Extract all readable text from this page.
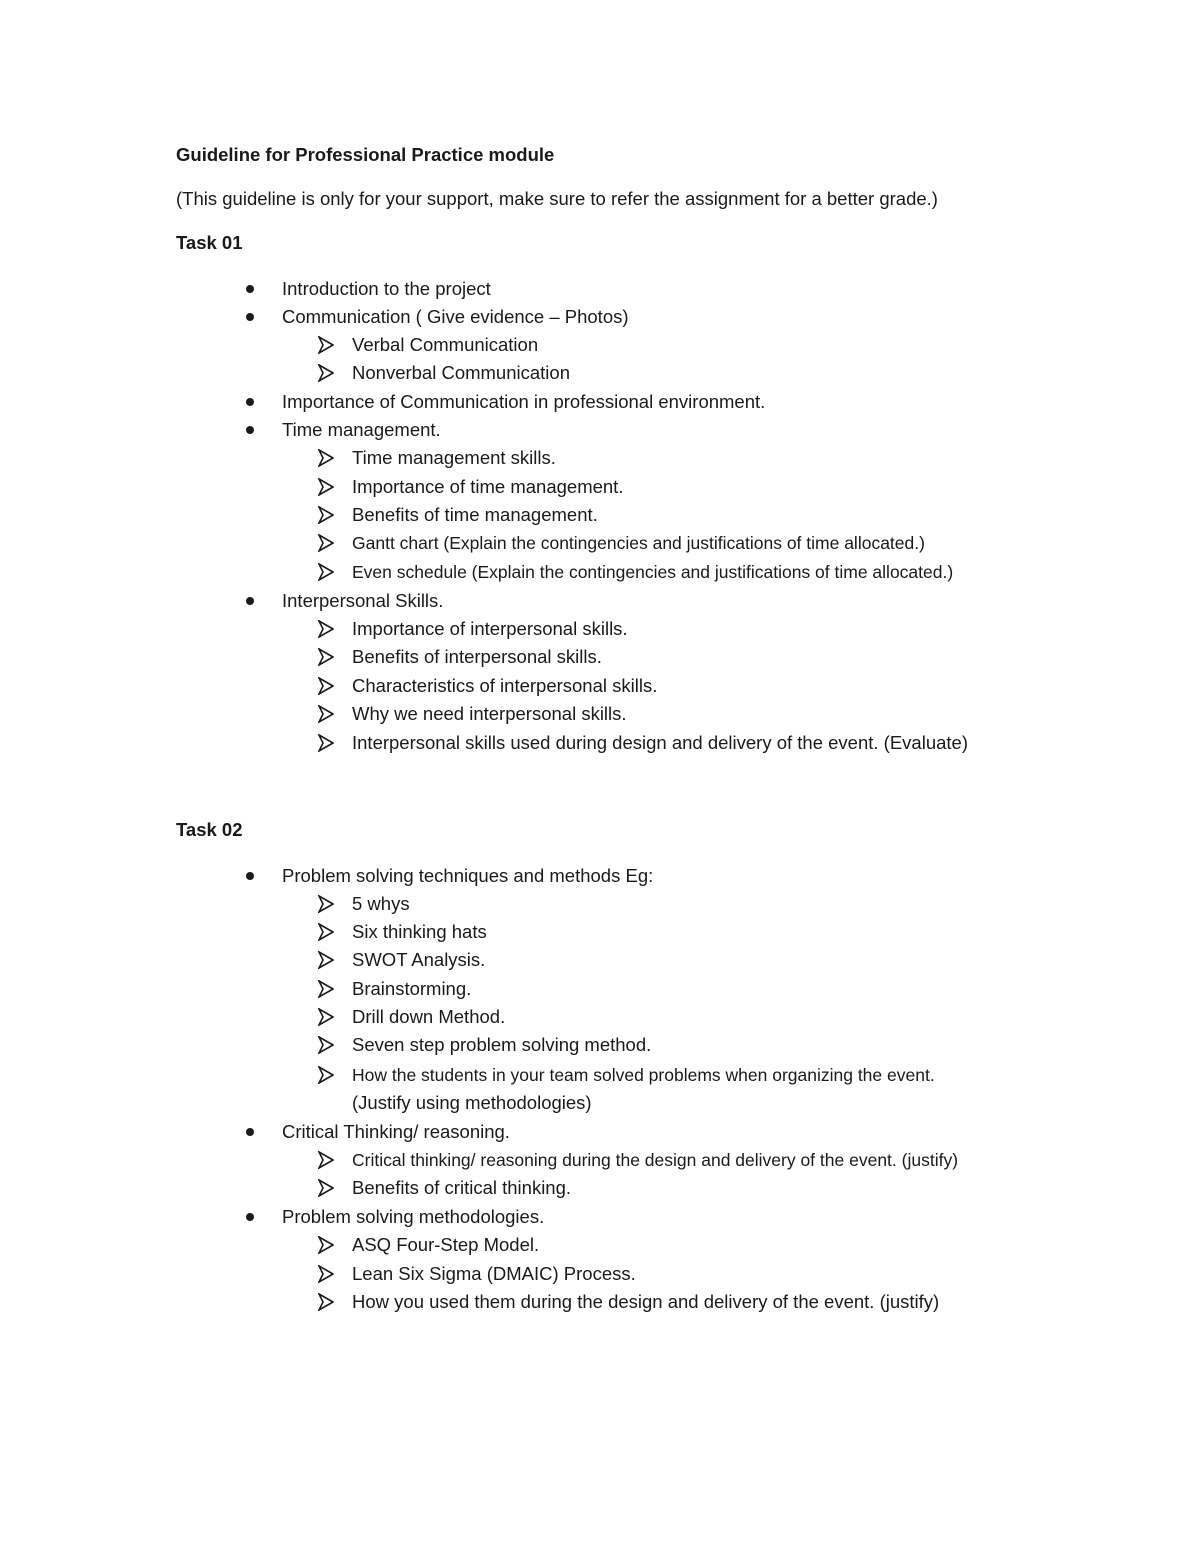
Guideline for Professional Practice module
(This guideline is only for your support, make sure to refer the assignment for a better grade.)
Task 01
Introduction to the project
Communication ( Give evidence – Photos)
Verbal Communication
Nonverbal Communication
Importance of Communication in professional environment.
Time management.
Time management skills.
Importance of time management.
Benefits of time management.
Gantt chart (Explain the contingencies and justifications of time allocated.)
Even schedule (Explain the contingencies and justifications of time allocated.)
Interpersonal Skills.
Importance of interpersonal skills.
Benefits of interpersonal skills.
Characteristics of interpersonal skills.
Why we need interpersonal skills.
Interpersonal skills used during design and delivery of the event. (Evaluate)
Task 02
Problem solving techniques and methods Eg:
5 whys
Six thinking hats
SWOT Analysis.
Brainstorming.
Drill down Method.
Seven step problem solving method.
How the students in your team solved problems when organizing the event.
(Justify using methodologies)
Critical Thinking/ reasoning.
Critical thinking/ reasoning during the design and delivery of the event. (justify)
Benefits of critical thinking.
Problem solving methodologies.
ASQ Four-Step Model.
Lean Six Sigma (DMAIC) Process.
How you used them during the design and delivery of the event. (justify)
